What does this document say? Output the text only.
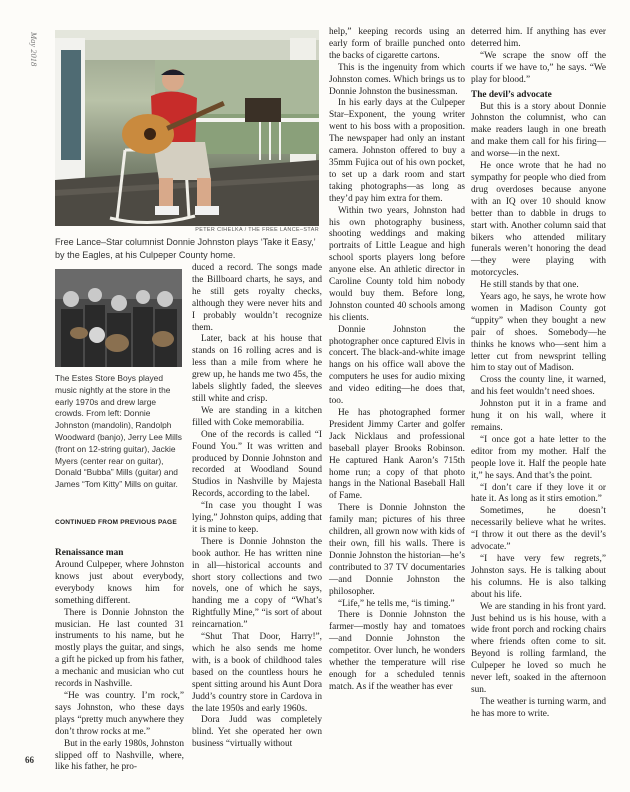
May 2018
66
PETER CIHELKA / THE FREE LANCE–STAR
Free Lance–Star columnist Donnie Johnston plays ‘Take it Easy,’ by the Eagles, at his Culpeper County home.
The Estes Store Boys played music nightly at the store in the early 1970s and drew large crowds. From left: Donnie Johnston (mandolin), Randolph Woodward (banjo), Jerry Lee Mills (front on 12-string guitar), Jackie Myers (center rear on guitar), Donald “Bubba” Mills (guitar) and James “Tom Kitty” Mills on guitar.
CONTINUED FROM PREVIOUS PAGE
Renaissance man

Around Culpeper, where Johnston knows just about everybody, everybody knows him for something different.

There is Donnie Johnston the musician. He last counted 31 instruments to his name, but he mostly plays the guitar, and sings, a gift he picked up from his father, a mechanic and musician who cut records in Nashville.

“He was country. I’m rock,” says Johnston, who these days plays “pretty much anywhere they don’t throw rocks at me.”

But in the early 1980s, Johnston slipped off to Nashville, where, like his father, he pro-

duced a record. The songs made the Billboard charts, he says, and he still gets royalty checks, although they were never hits and I probably wouldn’t recognize them.

Later, back at his house that stands on 16 rolling acres and is less than a mile from where he grew up, he hands me two 45s, the labels slightly faded, the sleeves still white and crisp.

We are standing in a kitchen filled with Coke memorabilia.

One of the records is called “I Found You.” It was written and produced by Donnie Johnston and recorded at Woodland Sound Studios in Nashville by Majesta Records, according to the label.

“In case you thought I was lying,” Johnston quips, adding that it is mine to keep.

There is Donnie Johnston the book author. He has written nine in all—historical accounts and short story collections and two novels, one of which he says, handing me a copy of “What’s Rightfully Mine,” “is sort of about reincarnation.”

“Shut That Door, Harry!”, which he also sends me home with, is a book of childhood tales based on the countless hours he spent sitting around his Aunt Dora Judd’s country store in Cardova in the late 1950s and early 1960s.

Dora Judd was completely blind. Yet she operated her own business “virtually without

help,” keeping records using an early form of braille punched onto the backs of cigarette cartons.

This is the ingenuity from which Johnston comes. Which brings us to Donnie Johnston the businessman.

In his early days at the Culpeper Star–Exponent, the young writer went to his boss with a proposition. The newspaper had only an instant camera. Johnston offered to buy a 35mm Fujica out of his own pocket, to set up a dark room and start taking photographs—as long as they’d pay him extra for them.

Within two years, Johnston had his own photography business, shooting weddings and making portraits of Little League and high school sports players long before anyone else. An athletic director in Caroline County told him nobody would buy them. Before long, Johnston counted 40 schools among his clients.

Donnie Johnston the photographer once captured Elvis in concert. The black-and-white image hangs on his office wall above the computers he uses for audio mixing and video editing—he does that, too.

He has photographed former President Jimmy Carter and golfer Jack Nicklaus and professional baseball player Brooks Robinson. He captured Hank Aaron’s 715th home run; a copy of that photo hangs in the National Baseball Hall of Fame.

There is Donnie Johnston the family man; pictures of his three children, all grown now with kids of their own, fill his walls. There is Donnie Johnston the historian—he’s contributed to 37 TV documentaries—and Donnie Johnston the philosopher.

“Life,” he tells me, “is timing.”

There is Donnie Johnston the farmer—mostly hay and tomatoes—and Donnie Johnston the competitor. Over lunch, he wonders whether the temperature will rise enough for a scheduled tennis match. As if the weather has ever

deterred him. If anything has ever deterred him.

“We scrape the snow off the courts if we have to,” he says. “We play for blood.”

The devil’s advocate

But this is a story about Donnie Johnston the columnist, who can make readers laugh in one breath and make them call for his firing—and worse—in the next.

He once wrote that he had no sympathy for people who died from drug overdoses because anyone with an IQ over 10 should know better than to dabble in drugs to start with. Another column said that bikers who attended military funerals weren’t honoring the dead—they were playing with motorcycles.

He still stands by that one.

Years ago, he says, he wrote how women in Madison County got “uppity” when they bought a new pair of shoes. Somebody—he thinks he knows who—sent him a letter cut from newsprint telling him to stay out of Madison.

Cross the county line, it warned, and his feet wouldn’t need shoes.

Johnston put it in a frame and hung it on his wall, where it remains.

“I once got a hate letter to the editor from my mother. Half the people love it. Half the people hate it,” he says. And that’s the point.

“I don’t care if they love it or hate it. As long as it stirs emotion.”

Sometimes, he doesn’t necessarily believe what he writes. “I throw it out there as the devil’s advocate.”

“I have very few regrets,” Johnston says. He is talking about his columns. He is also talking about his life.

We are standing in his front yard. Just behind us is his house, with a wide front porch and rocking chairs where friends often come to sit. Beyond is rolling farmland, the Culpeper he loved so much he never left, soaked in the afternoon sun.

The weather is turning warm, and he has more to write.
